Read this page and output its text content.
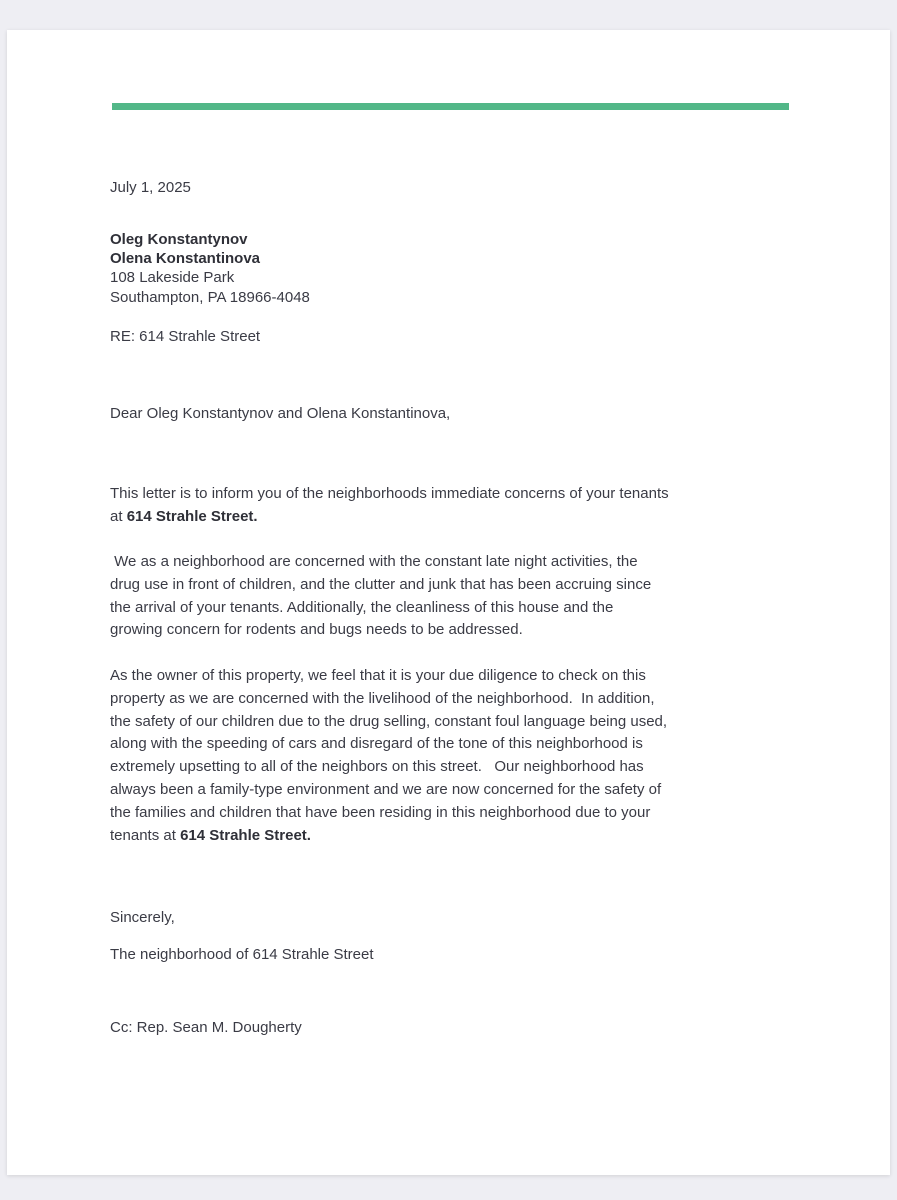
July 1, 2025
Oleg Konstantynov
Olena Konstantinova
108 Lakeside Park
Southampton, PA 18966-4048
RE: 614 Strahle Street
Dear Oleg Konstantynov and Olena Konstantinova,
This letter is to inform you of the neighborhoods immediate concerns of your tenants at 614 Strahle Street.
We as a neighborhood are concerned with the constant late night activities, the drug use in front of children, and the clutter and junk that has been accruing since the arrival of your tenants. Additionally, the cleanliness of this house and the growing concern for rodents and bugs needs to be addressed.
As the owner of this property, we feel that it is your due diligence to check on this property as we are concerned with the livelihood of the neighborhood.  In addition, the safety of our children due to the drug selling, constant foul language being used, along with the speeding of cars and disregard of the tone of this neighborhood is extremely upsetting to all of the neighbors on this street.   Our neighborhood has always been a family-type environment and we are now concerned for the safety of the families and children that have been residing in this neighborhood due to your tenants at 614 Strahle Street.
Sincerely,
The neighborhood of 614 Strahle Street
Cc: Rep. Sean M. Dougherty
